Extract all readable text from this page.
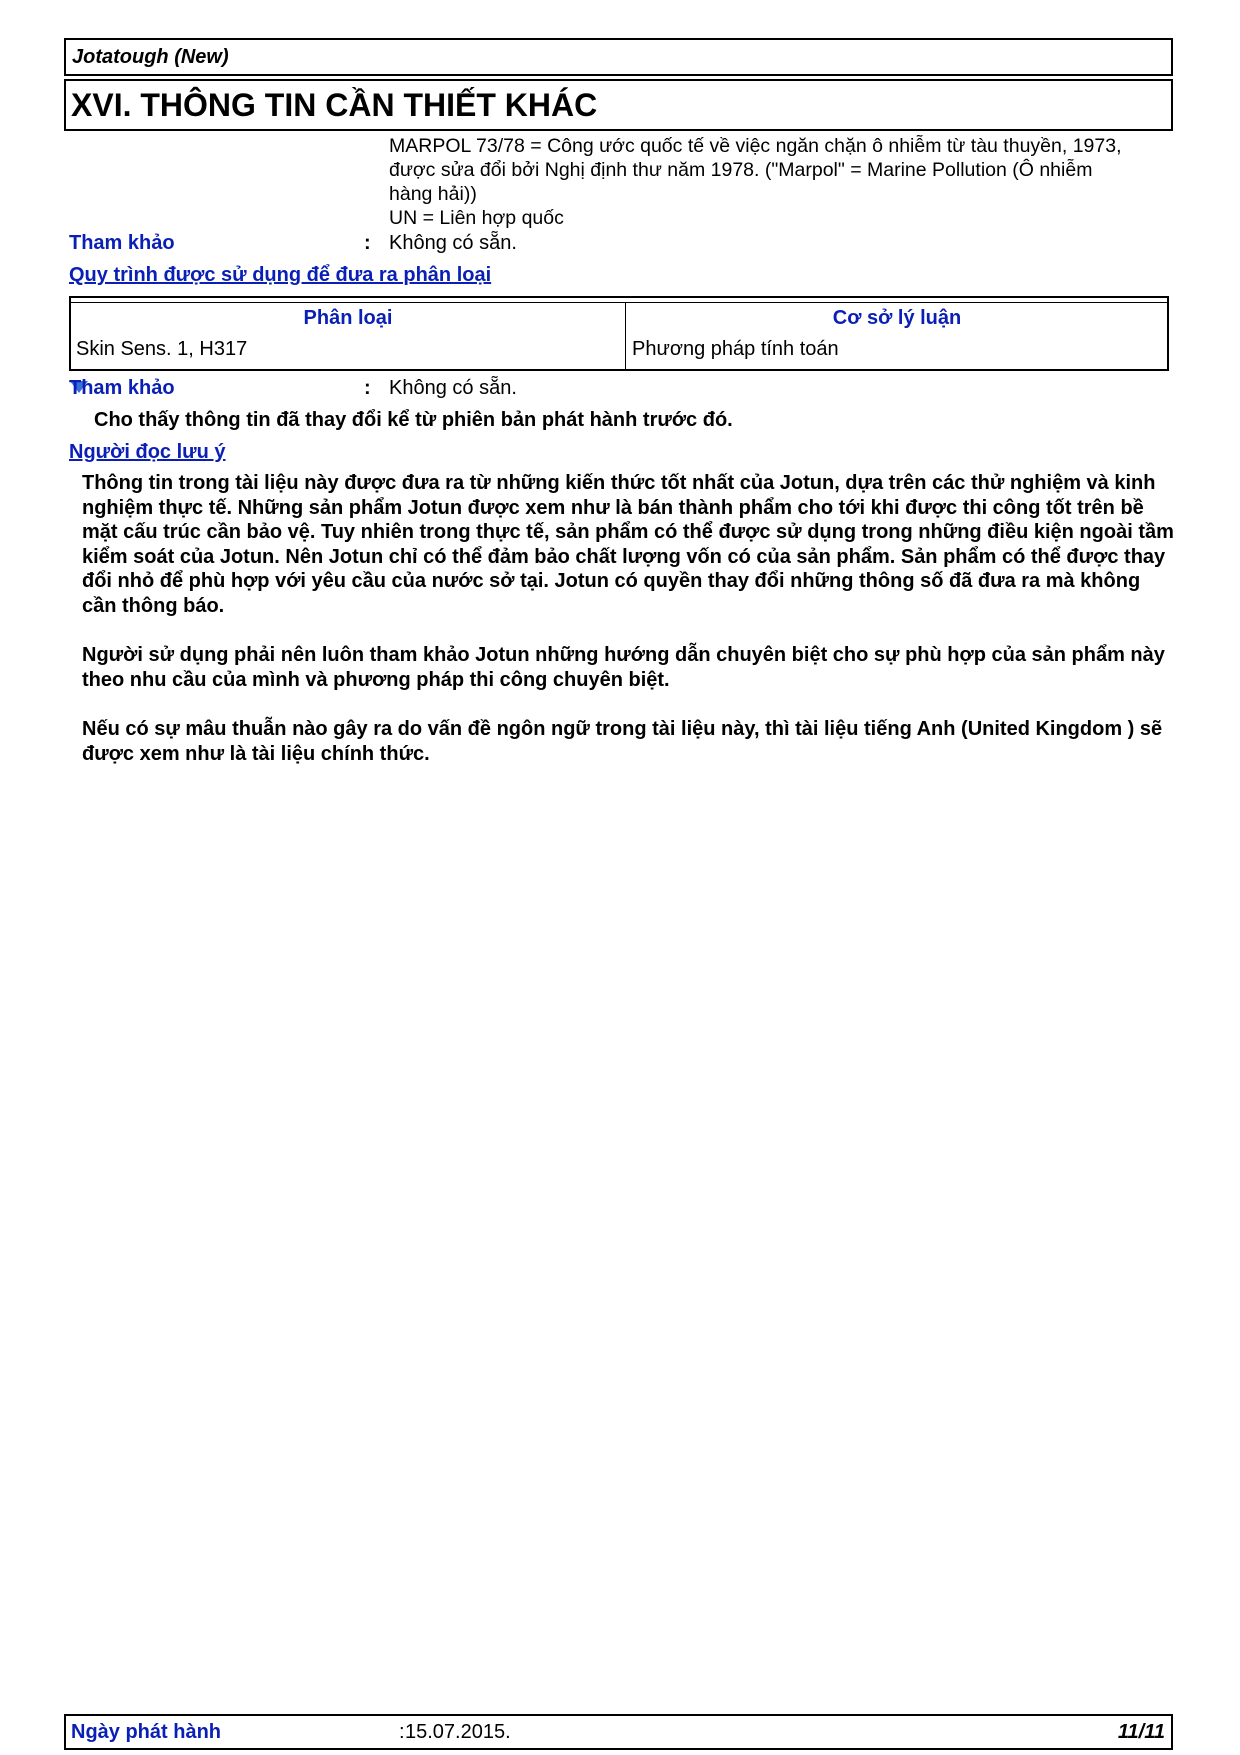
Jotatough (New)
XVI. THÔNG TIN CẦN THIẾT KHÁC
MARPOL 73/78 = Công ước quốc tế về việc ngăn chặn ô nhiễm từ tàu thuyền, 1973,
được sửa đổi bởi Nghị định thư năm 1978. ("Marpol" = Marine Pollution (Ô nhiễm
hàng hải))
UN = Liên hợp quốc
Tham khảo	: Không có sẵn.
Quy trình được sử dụng để đưa ra phân loại
Phân loại	Cơ sở lý luận
Skin Sens. 1, H317	Phương pháp tính toán
Tham khảo	: Không có sẵn.
Cho thấy thông tin đã thay đổi kể từ phiên bản phát hành trước đó.
Người đọc lưu ý

Thông tin trong tài liệu này được đưa ra từ những kiến thức tốt nhất của Jotun, dựa trên các thử nghiệm và kinh nghiệm thực tế. Những sản phẩm Jotun được xem như là bán thành phẩm cho tới khi được thi công tốt trên bề mặt cấu trúc cần bảo vệ. Tuy nhiên trong thực tế, sản phẩm có thể được sử dụng trong những điều kiện ngoài tầm kiểm soát của Jotun. Nên Jotun chỉ có thể đảm bảo chất lượng vốn có của sản phẩm. Sản phẩm có thể được thay đổi nhỏ để phù hợp với yêu cầu của nước sở tại. Jotun có quyền thay đổi những thông số đã đưa ra mà không cần thông báo.

Người sử dụng phải nên luôn tham khảo Jotun những hướng dẫn chuyên biệt cho sự phù hợp của sản phẩm này theo nhu cầu của mình và phương pháp thi công chuyên biệt.

Nếu có sự mâu thuẫn nào gây ra do vấn đề ngôn ngữ trong tài liệu này, thì tài liệu tiếng Anh (United Kingdom ) sẽ được xem như là tài liệu chính thức.

Ngày phát hành	: 15.07.2015.	11/11
